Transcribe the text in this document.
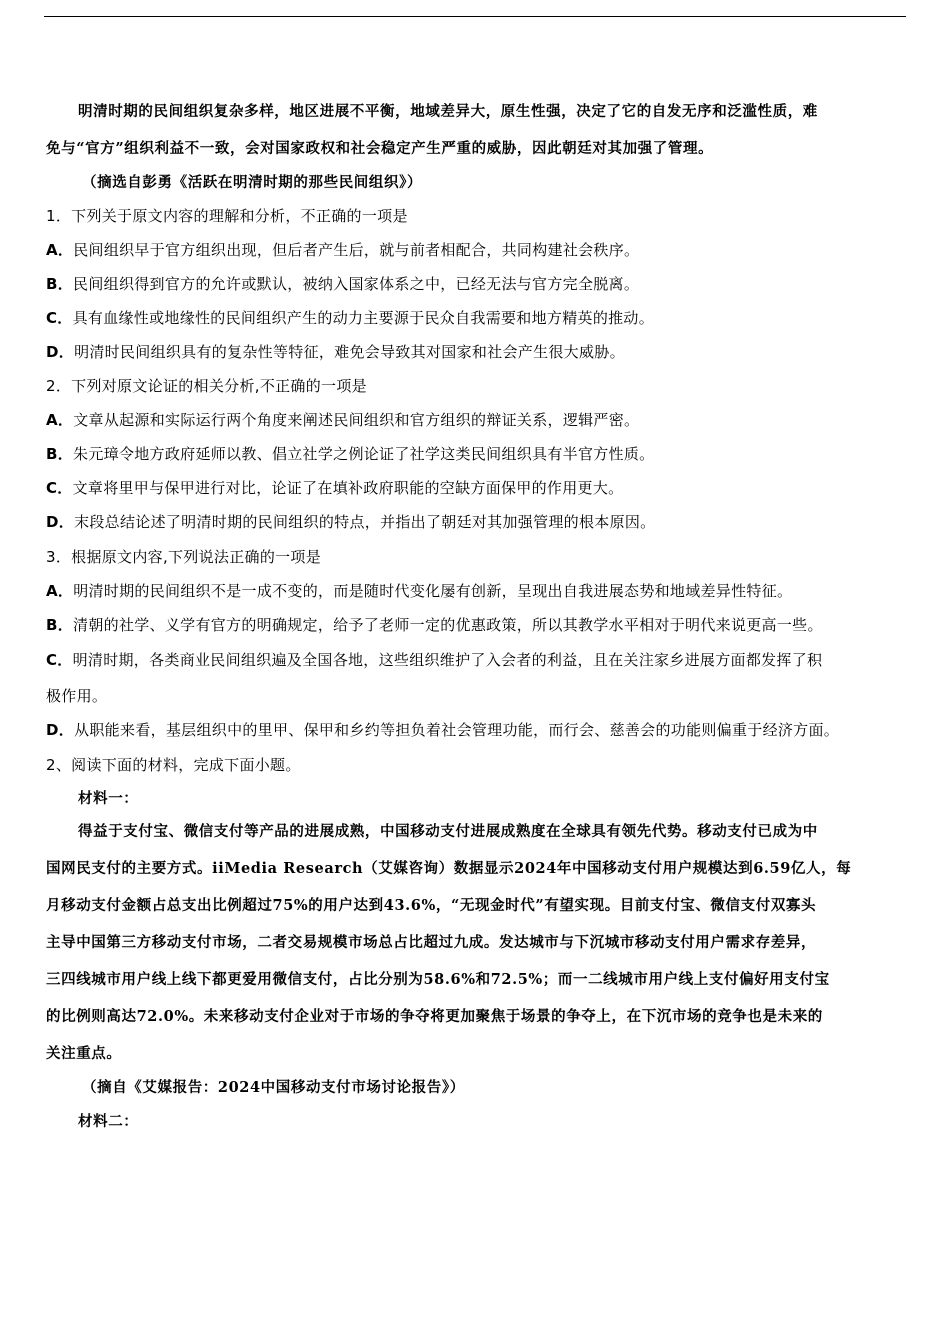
明清时期的民间组织复杂多样，地区进展不平衡，地域差异大，原生性强，决定了它的自发无序和泛滥性质，难
免与“官方”组织利益不一致，会对国家政权和社会稳定产生严重的威胁，因此朝廷对其加强了管理。
（摘选自彭勇《活跃在明清时期的那些民间组织》）
1．下列关于原文内容的理解和分析，不正确的一项是
A．民间组织早于官方组织出现，但后者产生后，就与前者相配合，共同构建社会秩序。
B．民间组织得到官方的允许或默认，被纳入国家体系之中，已经无法与官方完全脱离。
C．具有血缘性或地缘性的民间组织产生的动力主要源于民众自我需要和地方精英的推动。
D．明清时民间组织具有的复杂性等特征，难免会导致其对国家和社会产生很大威胁。
2．下列对原文论证的相关分析,不正确的一项是
A．文章从起源和实际运行两个角度来阐述民间组织和官方组织的辩证关系，逻辑严密。
B．朱元璋令地方政府延师以教、倡立社学之例论证了社学这类民间组织具有半官方性质。
C．文章将里甲与保甲进行对比，论证了在填补政府职能的空缺方面保甲的作用更大。
D．末段总结论述了明清时期的民间组织的特点，并指出了朝廷对其加强管理的根本原因。
3．根据原文内容,下列说法正确的一项是
A．明清时期的民间组织不是一成不变的，而是随时代变化屡有创新，呈现出自我进展态势和地域差异性特征。
B．清朝的社学、义学有官方的明确规定，给予了老师一定的优惠政策，所以其教学水平相对于明代来说更高一些。
C．明清时期，各类商业民间组织遍及全国各地，这些组织维护了入会者的利益，且在关注家乡进展方面都发挥了积
极作用。
D．从职能来看，基层组织中的里甲、保甲和乡约等担负着社会管理功能，而行会、慈善会的功能则偏重于经济方面。
2、阅读下面的材料，完成下面小题。
材料一：
得益于支付宝、微信支付等产品的进展成熟，中国移动支付进展成熟度在全球具有领先代势。移动支付已成为中
国网民支付的主要方式。iiMedia Research（艾媒咨询）数据显示2024年中国移动支付用户规模达到6.59亿人，每
月移动支付金额占总支出比例超过75%的用户达到43.6%，“无现金时代”有望实现。目前支付宝、微信支付双寡头
主导中国第三方移动支付市场，二者交易规模市场总占比超过九成。发达城市与下沉城市移动支付用户需求存差异，
三四线城市用户线上线下都更爱用微信支付，占比分别为58.6%和72.5%；而一二线城市用户线上支付偏好用支付宝
的比例则高达72.0%。未来移动支付企业对于市场的争夺将更加聚焦于场景的争夺上，在下沉市场的竞争也是未来的
关注重点。
（摘自《艾媒报告：2024中国移动支付市场讨论报告》）
材料二：
